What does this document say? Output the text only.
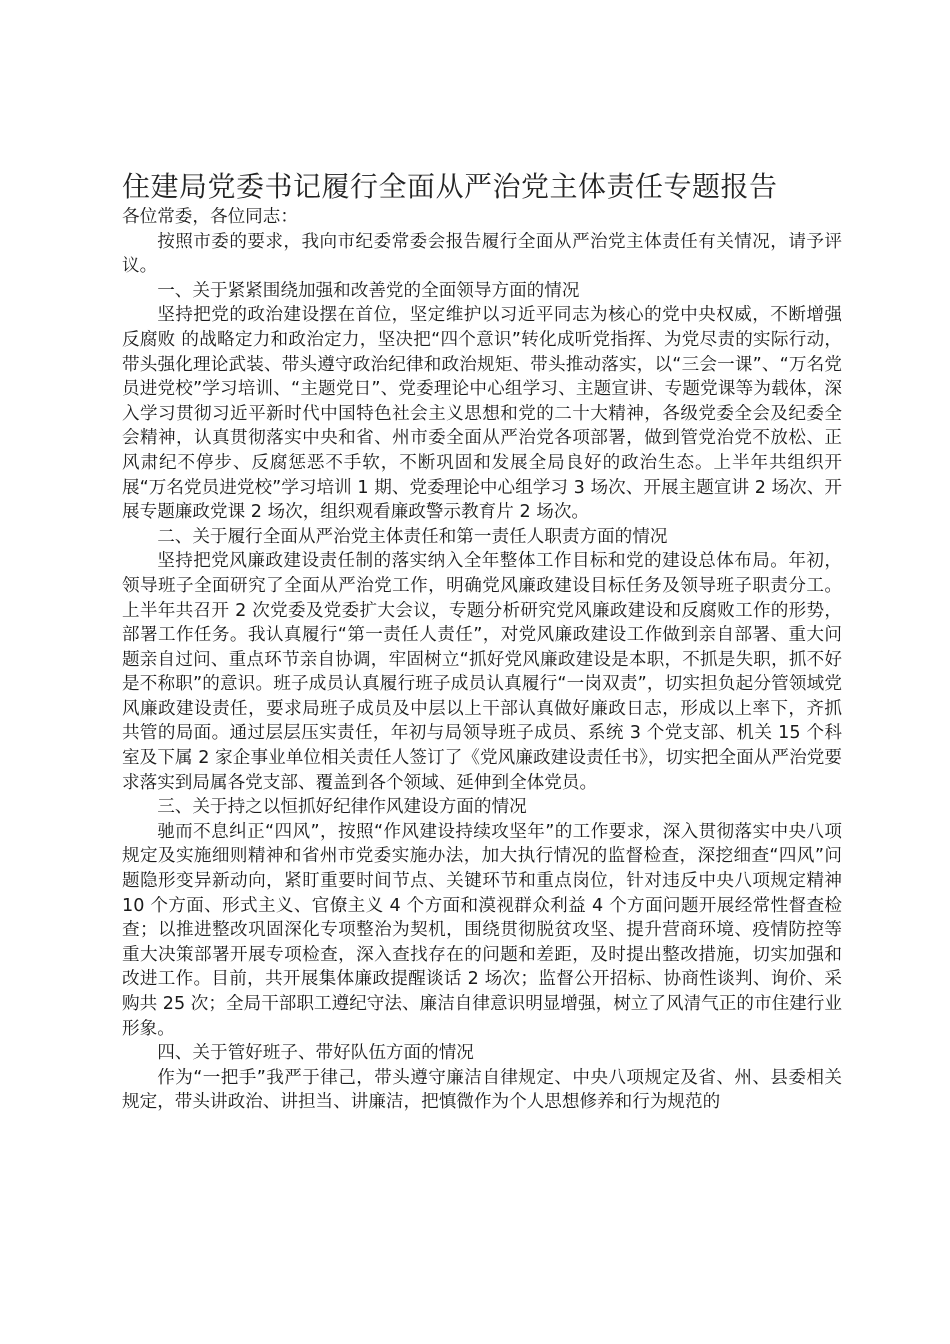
住建局党委书记履行全面从严治党主体责任专题报告

各位常委，各位同志：

按照市委的要求，我向市纪委常委会报告履行全面从严治党主体责任有关情况，请予评议。

一、关于紧紧围绕加强和改善党的全面领导方面的情况

坚持把党的政治建设摆在首位，坚定维护以习近平同志为核心的党中央权威，不断增强反腐败 的战略定力和政治定力，坚决把“四个意识”转化成听党指挥、为党尽责的实际行动，带头强化理论武装、带头遵守政治纪律和政治规矩、带头推动落实，以“三会一课”、“万名党员进党校”学习培训、“主题党日”、党委理论中心组学习、主题宣讲、专题党课等为载体，深入学习贯彻习近平新时代中国特色社会主义思想和党的二十大精神，各级党委全会及纪委全会精神，认真贯彻落实中央和省、州市委全面从严治党各项部署，做到管党治党不放松、正风肃纪不停步、反腐惩恶不手软，不断巩固和发展全局良好的政治生态。上半年共组织开展“万名党员进党校”学习培训 1 期、党委理论中心组学习 3 场次、开展主题宣讲 2 场次、开展专题廉政党课 2 场次，组织观看廉政警示教育片 2 场次。

二、关于履行全面从严治党主体责任和第一责任人职责方面的情况

坚持把党风廉政建设责任制的落实纳入全年整体工作目标和党的建设总体布局。年初，领导班子全面研究了全面从严治党工作，明确党风廉政建设目标任务及领导班子职责分工。上半年共召开 2 次党委及党委扩大会议，专题分析研究党风廉政建设和反腐败工作的形势，部署工作任务。我认真履行“第一责任人责任”，对党风廉政建设工作做到亲自部署、重大问题亲自过问、重点环节亲自协调，牢固树立“抓好党风廉政建设是本职，不抓是失职，抓不好是不称职”的意识。班子成员认真履行班子成员认真履行“一岗双责”，切实担负起分管领域党风廉政建设责任，要求局班子成员及中层以上干部认真做好廉政日志，形成以上率下，齐抓共管的局面。通过层层压实责任，年初与局领导班子成员、系统 3 个党支部、机关 15 个科室及下属 2 家企事业单位相关责任人签订了《党风廉政建设责任书》，切实把全面从严治党要求落实到局属各党支部、覆盖到各个领域、延伸到全体党员。

三、关于持之以恒抓好纪律作风建设方面的情况

驰而不息纠正“四风”，按照“作风建设持续攻坚年”的工作要求，深入贯彻落实中央八项规定及实施细则精神和省州市党委实施办法，加大执行情况的监督检查，深挖细查“四风”问题隐形变异新动向，紧盯重要时间节点、关键环节和重点岗位，针对违反中央八项规定精神 10 个方面、形式主义、官僚主义 4 个方面和漠视群众利益 4 个方面问题开展经常性督查检查；以推进整改巩固深化专项整治为契机，围绕贯彻脱贫攻坚、提升营商环境、疫情防控等重大决策部署开展专项检查，深入查找存在的问题和差距，及时提出整改措施，切实加强和改进工作。目前，共开展集体廉政提醒谈话 2 场次；监督公开招标、协商性谈判、询价、采购共 25 次；全局干部职工遵纪守法、廉洁自律意识明显增强，树立了风清气正的市住建行业形象。

四、关于管好班子、带好队伍方面的情况

作为“一把手”我严于律己，带头遵守廉洁自律规定、中央八项规定及省、州、县委相关规定，带头讲政治、讲担当、讲廉洁，把慎微作为个人思想修养和行为规范的
